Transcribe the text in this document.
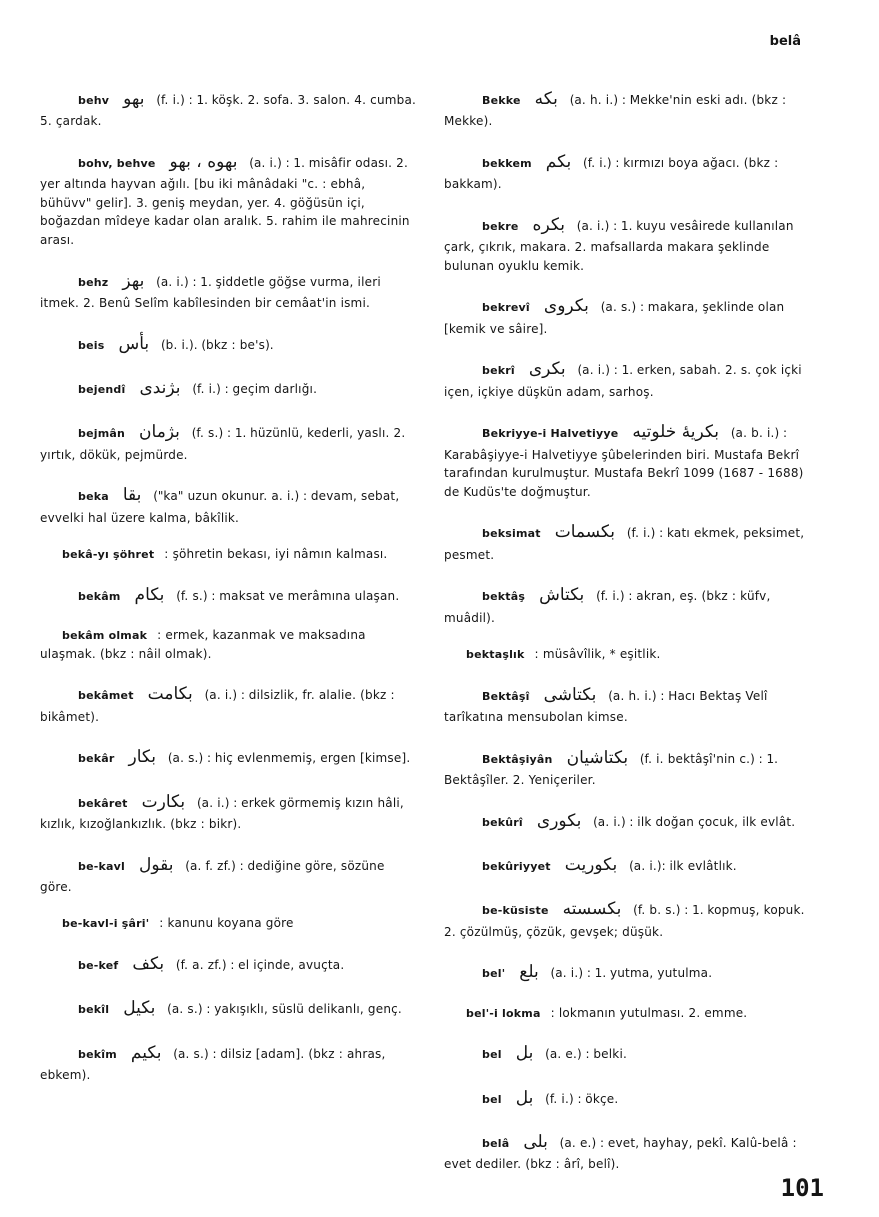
belâ
behv بهو (f. i.) : 1. köşk. 2. sofa. 3. salon. 4. cumba. 5. çardak.
bohv, behve بهوه ، بهو (a. i.) : 1. misâfir odası. 2. yer altında hayvan ağılı. [bu iki mânâdaki "c. : ebhâ, bühüvv" gelir]. 3. geniş meydan, yer. 4. göğüsün içi, boğazdan mîdeye kadar olan aralık. 5. rahim ile mahrecinin arası.
behz بهز (a. i.) : 1. şiddetle göğse vurma, ileri itmek. 2. Benû Selîm kabîlesinden bir cemâat'in ismi.
beis بأس (b. i.). (bkz : be's).
bejendî بژندی (f. i.) : geçim darlığı.
bejmân بژمان (f. s.) : 1. hüzünlü, kederli, yaslı. 2. yırtık, dökük, pejmürde.
beka بقا ("ka" uzun okunur. a. i.) : devam, sebat, evvelki hal üzere kalma, bâkîlik.
bekâ-yı şöhret : şöhretin bekası, iyi nâmın kalması.
bekâm بکام (f. s.) : maksat ve merâmına ulaşan.
bekâm olmak : ermek, kazanmak ve maksadına ulaşmak. (bkz : nâil olmak).
bekâmet بکامت (a. i.) : dilsizlik, fr. alalie. (bkz : bikâmet).
bekâr بکار (a. s.) : hiç evlenmemiş, ergen [kimse].
bekâret بکارت (a. i.) : erkek görmemiş kızın hâli, kızlık, kızoğlankızlık. (bkz : bikr).
be-kavl بقول (a. f. zf.) : dediğine göre, sözüne göre.
be-kavl-i şâri' : kanunu koyana göre
be-kef بکف (f. a. zf.) : el içinde, avuçta.
bekîl بکیل (a. s.) : yakışıklı, süslü delikanlı, genç.
bekîm بکیم (a. s.) : dilsiz [adam]. (bkz : ahras, ebkem).
Bekke بکه (a. h. i.) : Mekke'nin eski adı. (bkz : Mekke).
bekkem بکم (f. i.) : kırmızı boya ağacı. (bkz : bakkam).
bekre بکره (a. i.) : 1. kuyu vesâirede kullanılan çark, çıkrık, makara. 2. mafsallarda makara şeklinde bulunan oyuklu kemik.
bekrevî بکروی (a. s.) : makara, şeklinde olan [kemik ve sâire].
bekrî بکری (a. i.) : 1. erken, sabah. 2. s. çok içki içen, içkiye düşkün adam, sarhoş.
Bekriyye-i Halvetiyye بکریهٔ خلوتیه (a. b. i.) : Karabâşiyye-i Halvetiyye şûbelerinden biri. Mustafa Bekrî tarafından kurulmuştur. Mustafa Bekrî 1099 (1687 - 1688) de Kudüs'te doğmuştur.
beksimat بکسمات (f. i.) : katı ekmek, peksimet, pesmet.
bektâş بکتاش (f. i.) : akran, eş. (bkz : küfv, muâdil).
bektaşlık : müsâvîlik, * eşitlik.
Bektâşî بکتاشی (a. h. i.) : Hacı Bektaş Velî tarîkatına mensubolan kimse.
Bektâşiyân بکتاشیان (f. i. bektâşî'nin c.) : 1. Bektâşîler. 2. Yeniçeriler.
bekûrî بکوری (a. i.) : ilk doğan çocuk, ilk evlât.
bekûriyyet بکوریت (a. i.): ilk evlâtlık.
be-küsiste بکسسته (f. b. s.) : 1. kopmuş, kopuk. 2. çözülmüş, çözük, gevşek; düşük.
bel' بلع (a. i.) : 1. yutma, yutulma.
bel'-i lokma : lokmanın yutulması. 2. emme.
bel بل (a. e.) : belki.
bel بل (f. i.) : ökçe.
belâ بلی (a. e.) : evet, hayhay, pekî. Kalû-belâ : evet dediler. (bkz : ârî, belî).
101
